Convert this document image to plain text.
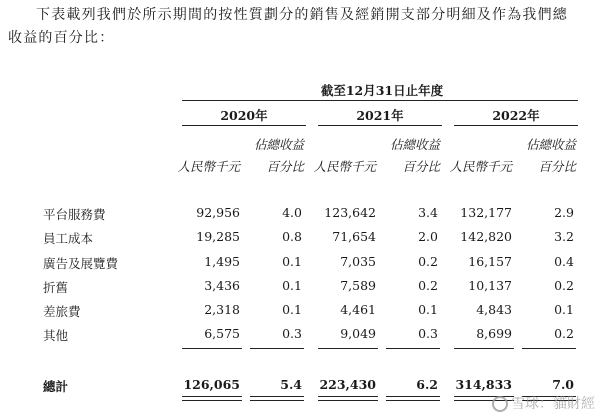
下表載列我們於所示期間的按性質劃分的銷售及經銷開支部分明細及作為我們總

收益的百分比：
截至12月31日止年度
2020年	2021年	2022年
佔總收益	佔總收益	佔總收益
人民幣千元	百分比 人民幣千元	百分比 人民幣千元	百分比
平台服務費	92,956	4.0	123,642	3.4	132,177	2.9
員工成本	19,285	0.8	71,654	2.0	142,820	3.2
廣告及展覽費	1,495	0.1	7,035	0.2	16,157	0.4
折舊	3,436	0.1	7,589	0.2	10,137	0.2
差旅費	2,318	0.1	4,461	0.1	4,843	0.1
其他	6,575	0.3	9,049	0.3	8,699	0.2
總計	126,065	5.4	223,430	6.2	314,833	7.0
雪球：貓財經
